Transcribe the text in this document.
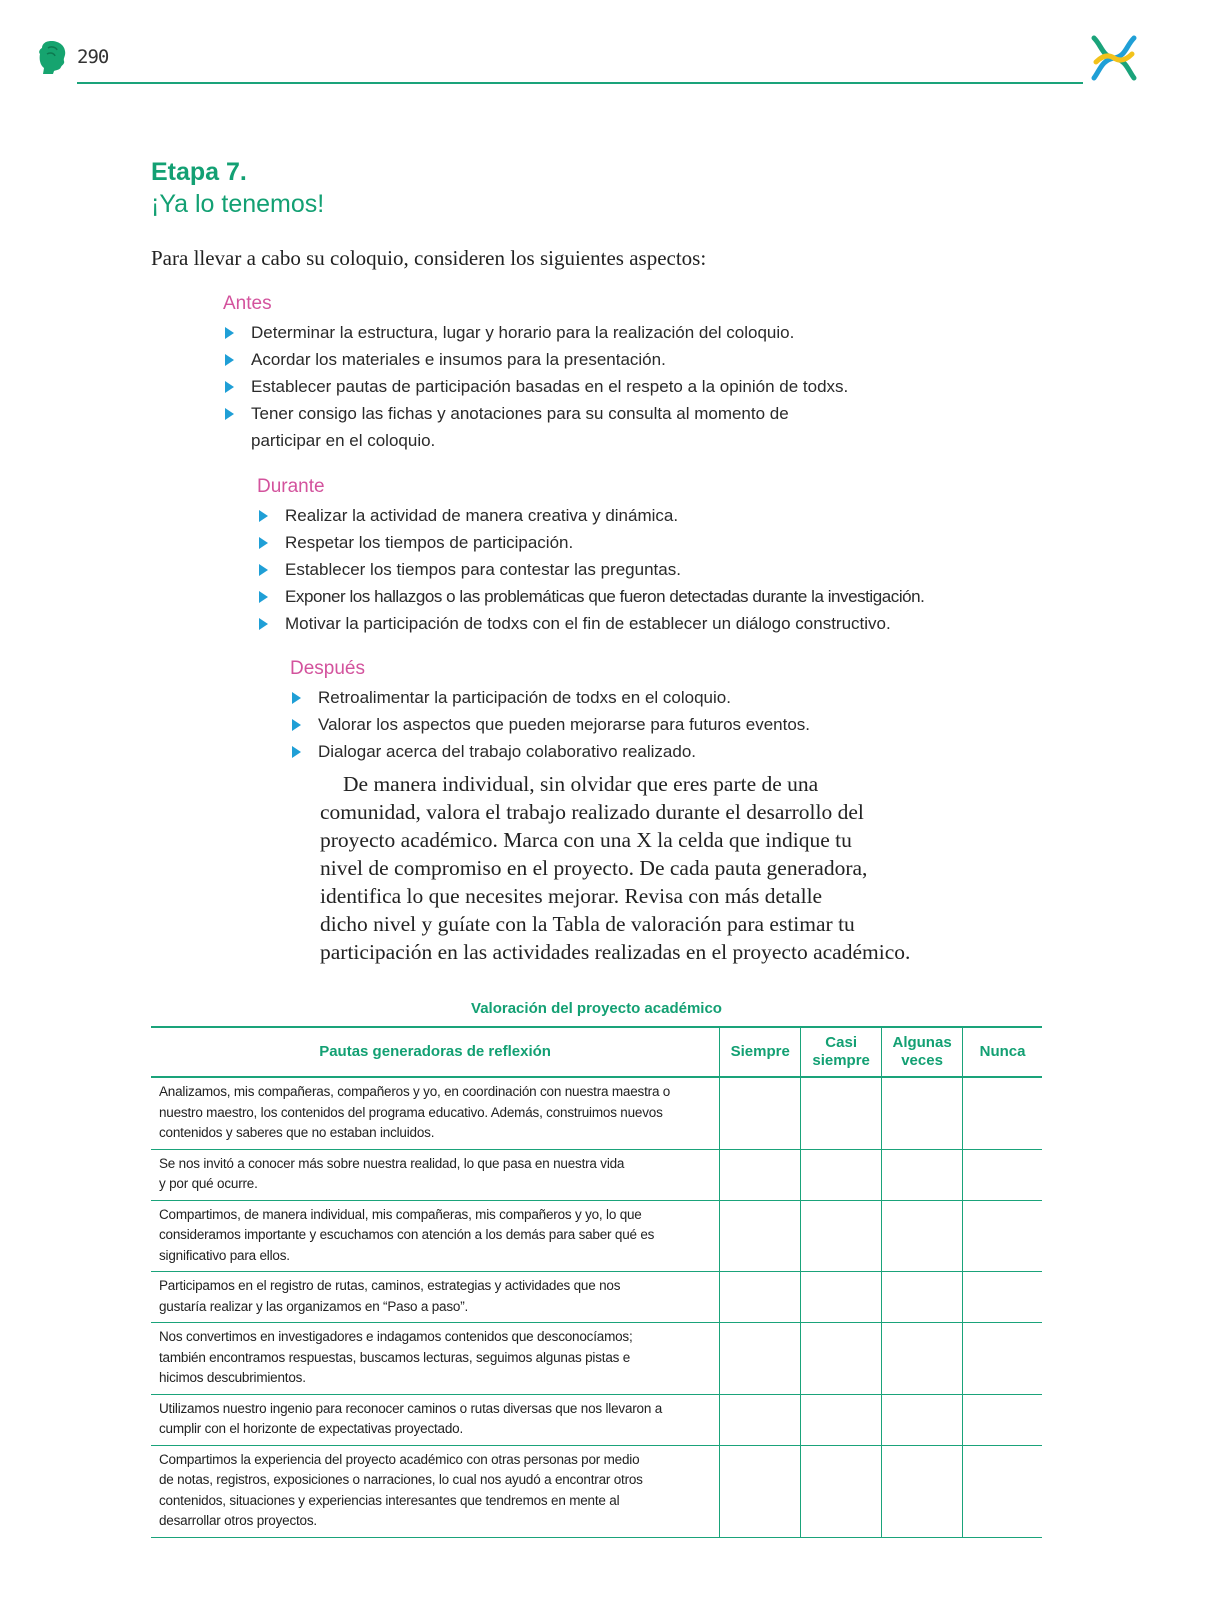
290
Etapa 7.
¡Ya lo tenemos!
Para llevar a cabo su coloquio, consideren los siguientes aspectos:
Antes
Determinar la estructura, lugar y horario para la realización del coloquio.
Acordar los materiales e insumos para la presentación.
Establecer pautas de participación basadas en el respeto a la opinión de todxs.
Tener consigo las fichas y anotaciones para su consulta al momento de
participar en el coloquio.
Durante
Realizar la actividad de manera creativa y dinámica.
Respetar los tiempos de participación.
Establecer los tiempos para contestar las preguntas.
Exponer los hallazgos o las problemáticas que fueron detectadas durante la investigación.
Motivar la participación de todxs con el fin de establecer un diálogo constructivo.
Después
Retroalimentar la participación de todxs en el coloquio.
Valorar los aspectos que pueden mejorarse para futuros eventos.
Dialogar acerca del trabajo colaborativo realizado.

De manera individual, sin olvidar que eres parte de una
comunidad, valora el trabajo realizado durante el desarrollo del
proyecto académico. Marca con una X la celda que indique tu
nivel de compromiso en el proyecto. De cada pauta generadora,
identifica lo que necesites mejorar. Revisa con más detalle
dicho nivel y guíate con la Tabla de valoración para estimar tu
participación en las actividades realizadas en el proyecto académico.

Valoración del proyecto académico
Pautas generadoras de reflexión	Siempre	Casi
siempre	Algunas
veces	Nunca

Analizamos, mis compañeras, compañeros y yo, en coordinación con nuestra maestra o
nuestro maestro, los contenidos del programa educativo. Además, construimos nuevos
contenidos y saberes que no estaban incluidos.				

Se nos invitó a conocer más sobre nuestra realidad, lo que pasa en nuestra vida
y por qué ocurre.				

Compartimos, de manera individual, mis compañeras, mis compañeros y yo, lo que
consideramos importante y escuchamos con atención a los demás para saber qué es
significativo para ellos.				

Participamos en el registro de rutas, caminos, estrategias y actividades que nos
gustaría realizar y las organizamos en “Paso a paso”.				

Nos convertimos en investigadores e indagamos contenidos que desconocíamos;
también encontramos respuestas, buscamos lecturas, seguimos algunas pistas e
hicimos descubrimientos.				

Utilizamos nuestro ingenio para reconocer caminos o rutas diversas que nos llevaron a
cumplir con el horizonte de expectativas proyectado.				

Compartimos la experiencia del proyecto académico con otras personas por medio
de notas, registros, exposiciones o narraciones, lo cual nos ayudó a encontrar otros
contenidos, situaciones y experiencias interesantes que tendremos en mente al
desarrollar otros proyectos.				
